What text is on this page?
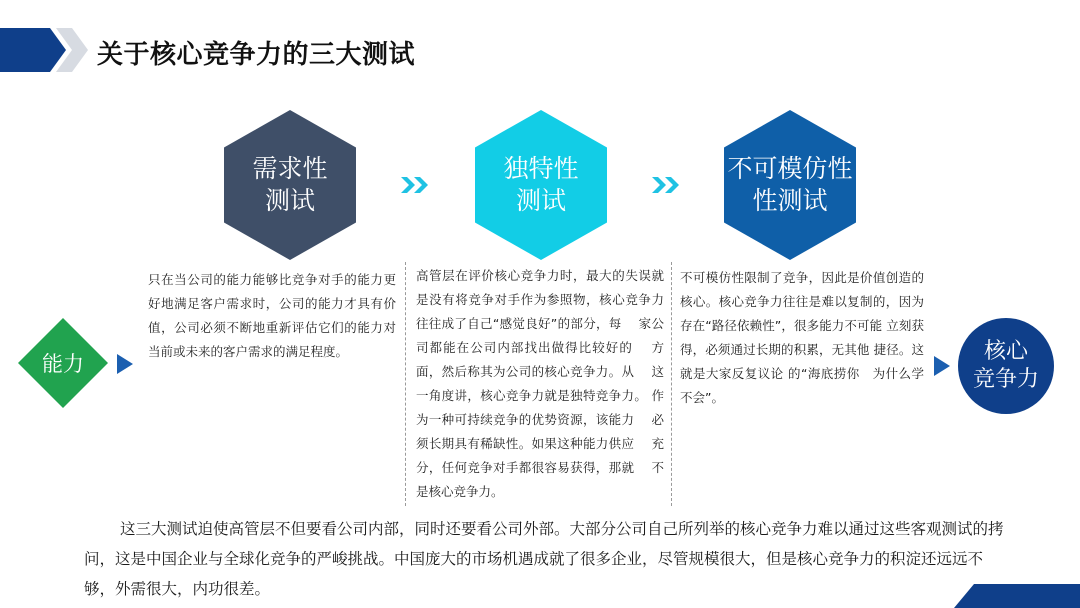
关于核心竞争力的三大测试
需求性
测试
独特性
测试
不可模仿性
性测试
能力
只在当公司的能力能够比竞争对手的能力更好地满足客户需求时，公司的能力才具有价值，公司必须不断地重新评估它们的能力对当前或未来的客户需求的满足程度。
高管层在评价核心竞争力时，最大的失误就是没有将竞争对手作为参照物，核心竞争力往往成了自己“感觉良好”的部分，每　 家公司都能在公司内部找出做得比较好的　 方面，然后称其为公司的核心竞争力。从　 这一角度讲，核心竞争力就是独特竞争力。 作为一种可持续竞争的优势资源，该能力　 必须长期具有稀缺性。如果这种能力供应　 充分，任何竞争对手都很容易获得，那就　 不是核心竞争力。
不可模仿性限制了竞争，因此是价值创造的核心。核心竞争力往往是难以复制的，因为存在“路径依赖性”，很多能力不可能 立刻获得，必须通过长期的积累，无其他 捷径。这就是大家反复议论 的“海底捞你　为什么学不会”。
核心
竞争力
这三大测试迫使高管层不但要看公司内部，同时还要看公司外部。大部分公司自己所列举的核心竞争力难以通过这些客观测试的拷问，这是中国企业与全球化竞争的严峻挑战。中国庞大的市场机遇成就了很多企业，尽管规模很大，但是核心竞争力的积淀还远远不够，外需很大，内功很差。
